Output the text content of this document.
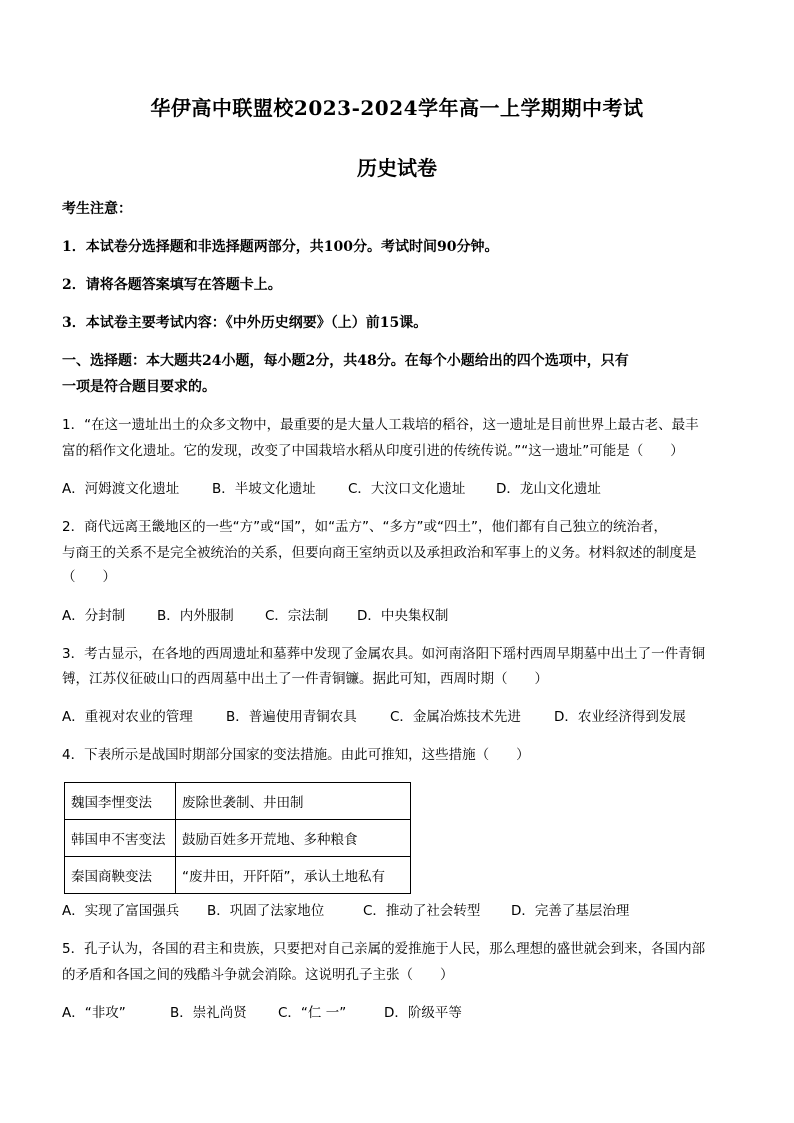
华伊高中联盟校2023-2024学年高一上学期期中考试
历史试卷
考生注意：
1．本试卷分选择题和非选择题两部分，共100分。考试时间90分钟。
2．请将各题答案填写在答题卡上。
3．本试卷主要考试内容：《中外历史纲要》（上）前15课。
一、选择题：本大题共24小题，每小题2分，共48分。在每个小题给出的四个选项中，只有
一项是符合题目要求的。
1．“在这一遗址出土的众多文物中，最重要的是大量人工栽培的稻谷，这一遗址是目前世界上最古老、最丰
富的稻作文化遗址。它的发现，改变了中国栽培水稻从印度引进的传统传说。”“这一遗址”可能是（　　）
A．河姆渡文化遗址 B．半坡文化遗址 C．大汶口文化遗址 D．龙山文化遗址
2．商代远离王畿地区的一些“方”或“国”，如“盂方”、“多方”或“四土”，他们都有自己独立的统治者，
与商王的关系不是完全被统治的关系，但要向商王室纳贡以及承担政治和军事上的义务。材料叙述的制度是
（　　）
A．分封制 B．内外服制 C．宗法制 D．中央集权制
3．考古显示，在各地的西周遗址和墓葬中发现了金属农具。如河南洛阳下瑶村西周早期墓中出土了一件青铜
镈，江苏仪征破山口的西周墓中出土了一件青铜镰。据此可知，西周时期（　　）
A．重视对农业的管理 B．普遍使用青铜农具 C．金属冶炼技术先进 D．农业经济得到发展
4．下表所示是战国时期部分国家的变法措施。由此可推知，这些措施（　　）
魏国李悝变法	废除世袭制、井田制
韩国申不害变法	鼓励百姓多开荒地、多种粮食
秦国商鞅变法	“废井田，开阡陌”，承认土地私有
A．实现了富国强兵 B．巩固了法家地位	C．推动了社会转型 D．完善了基层治理
5．孔子认为，各国的君主和贵族，只要把对自己亲属的爱推施于人民，那么理想的盛世就会到来，各国内部
的矛盾和各国之间的残酷斗争就会消除。这说明孔子主张（　　）
A．“非攻”	B．崇礼尚贤 C．“仁 一”	D．阶级平等
